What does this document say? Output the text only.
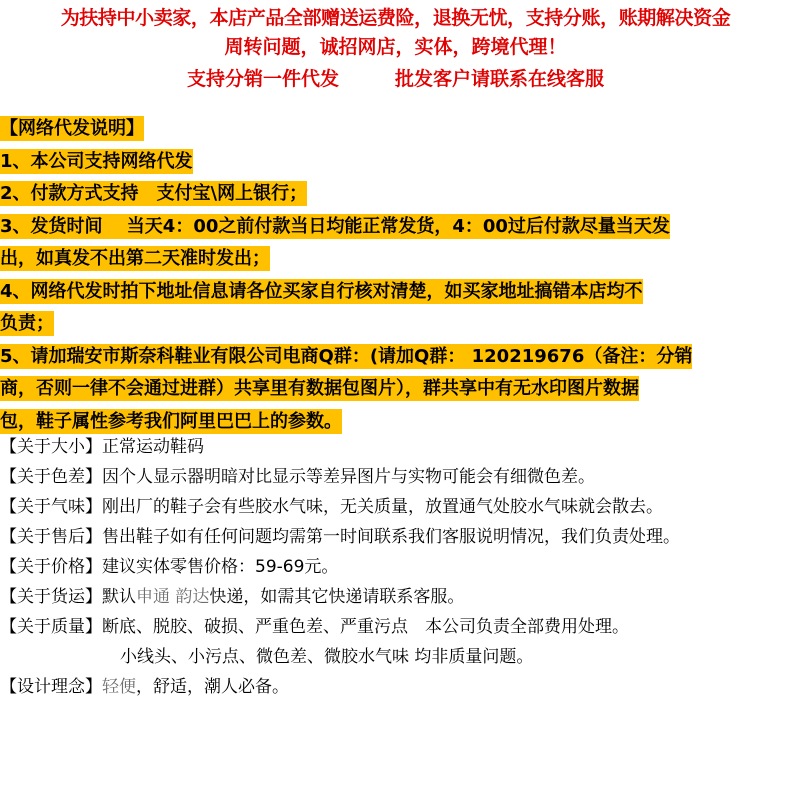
为扶持中小卖家，本店产品全部赠送运费险，退换无忧，支持分账，账期解决资金
周转问题，诚招网店，实体，跨境代理！
支持分销一件代发	批发客户请联系在线客服
【网络代发说明】
1、本公司支持网络代发
2、付款方式支持　支付宝\网上银行；
3、发货时间　 当天4：00之前付款当日均能正常发货，4：00过后付款尽量当天发
出，如真发不出第二天准时发出；
4、网络代发时拍下地址信息请各位买家自行核对清楚，如买家地址搞错本店均不
负责；
5、请加瑞安市斯奈科鞋业有限公司电商Q群：(请加Q群： 120219676（备注：分销
商，否则一律不会通过进群）共享里有数据包图片），群共享中有无水印图片数据
包，鞋子属性参考我们阿里巴巴上的参数。
【关于大小】 正常运动鞋码
【关于色差】 因个人显示器明暗对比显示等差异图片与实物可能会有细微色差。
【关于气味】 刚出厂的鞋子会有些胶水气味，无关质量，放置通气处胶水气味就会散去。
【关于售后】售出鞋子如有任何问题均需第一时间联系我们客服说明情况，我们负责处理。
【关于价格】 建议实体零售价格：59-69元。
【关于货运】 默认申通 韵达快递，如需其它快递请联系客服。
【关于质量】 断底、脱胶、破损、严重色差、严重污点　本公司负责全部费用处理。
小线头、小污点、微色差、微胶水气味 均非质量问题。
【设计理念】 轻便，舒适，潮人必备。
